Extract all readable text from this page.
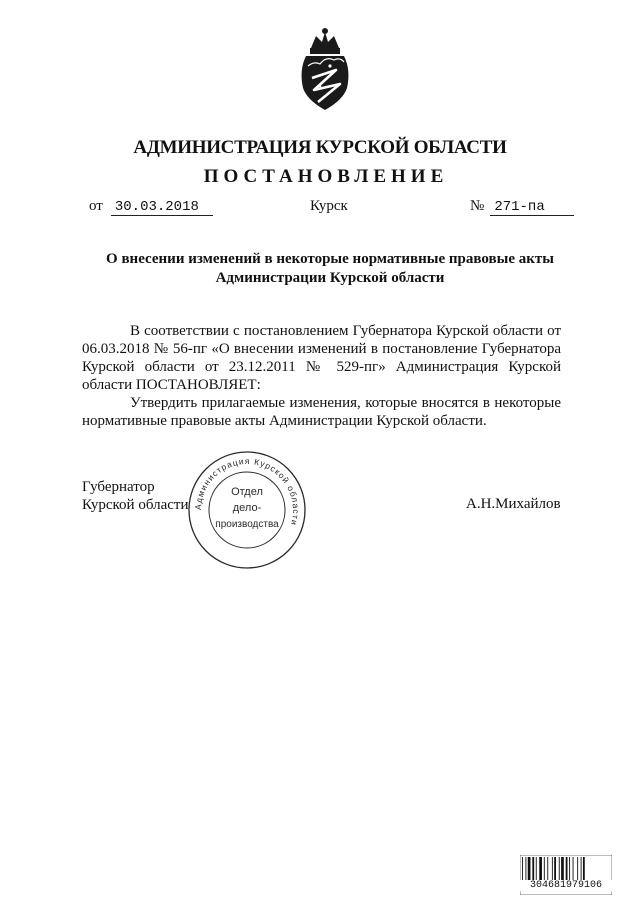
АДМИНИСТРАЦИЯ КУРСКОЙ ОБЛАСТИ
ПОСТАНОВЛЕНИЕ
от 30.03.2018	Курск	№ 271-па
О внесении изменений в некоторые нормативные правовые акты
Администрации Курской области

В соответствии с постановлением Губернатора Курской области от 06.03.2018 № 56-пг «О внесении изменений в постановление Губернатора Курской области от 23.12.2011 № 529-пг» Администрация Курской области ПОСТАНОВЛЯЕТ:

Утвердить прилагаемые изменения, которые вносятся в некоторые нормативные правовые акты Администрации Курской области.

Губернатор
Курской области	А.Н.Михайлов
Администрация Курской области
Отдел
дело-
производства
304681979106
